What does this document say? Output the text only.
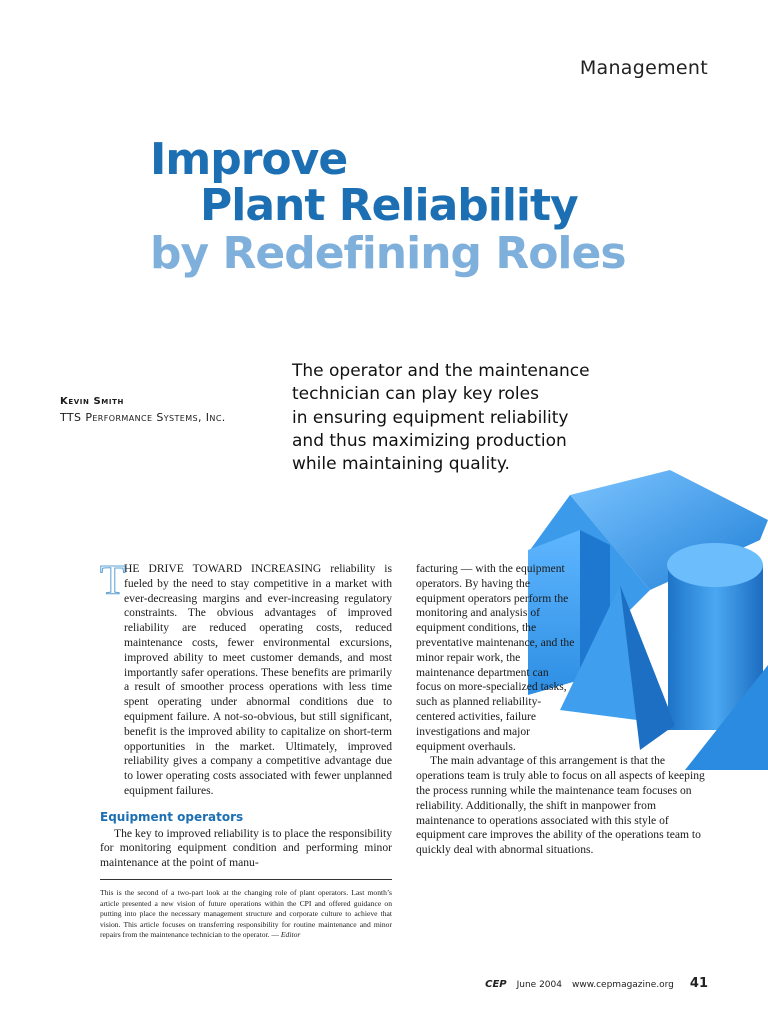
Management
Improve
Plant Reliability
by Redefining Roles
Kevin Smith
TTS Performance Systems, Inc.
The operator and the maintenance
technician can play key roles
in ensuring equipment reliability
and thus maximizing production
while maintaining quality.

T
HE DRIVE TOWARD INCREASING reliability is fueled by the need to stay competitive in a market with ever-decreasing margins and ever-increasing regulatory constraints. The obvious advantages of improved reliability are reduced operating costs, reduced maintenance costs, fewer environmental excursions, improved ability to meet customer demands, and most importantly safer operations. These benefits are primarily a result of smoother process operations with less time spent operating under abnormal conditions due to equipment failure. A not-so-obvious, but still significant, benefit is the improved ability to capitalize on short-term opportunities in the market. Ultimately, improved reliability gives a company a competitive advantage due to lower operating costs associated with fewer unplanned equipment failures.

Equipment operators

The key to improved reliability is to place the responsibility for monitoring equipment condition and performing minor maintenance at the point of manu-

facturing — with the equipment operators. By having the equipment operators perform the monitoring and analysis of equipment conditions, the preventative maintenance, and the minor repair work, the maintenance department can focus on more-specialized tasks, such as planned reliability-centered activities, failure investigations and major equipment overhauls.

The main advantage of this arrangement is that the operations team is truly able to focus on all aspects of keeping the process running while the maintenance team focuses on reliability. Additionally, the shift in manpower from maintenance to operations associated with this style of equipment care improves the ability of the operations team to quickly deal with abnormal situations.

This is the second of a two-part look at the changing role of plant operators. Last month’s article presented a new vision of future operations within the CPI and offered guidance on putting into place the necessary management structure and corporate culture to achieve that vision. This article focuses on transferring responsibility for routine maintenance and minor repairs from the maintenance technician to the operator. — Editor
CEP June 2004 www.cepmagazine.org 41
